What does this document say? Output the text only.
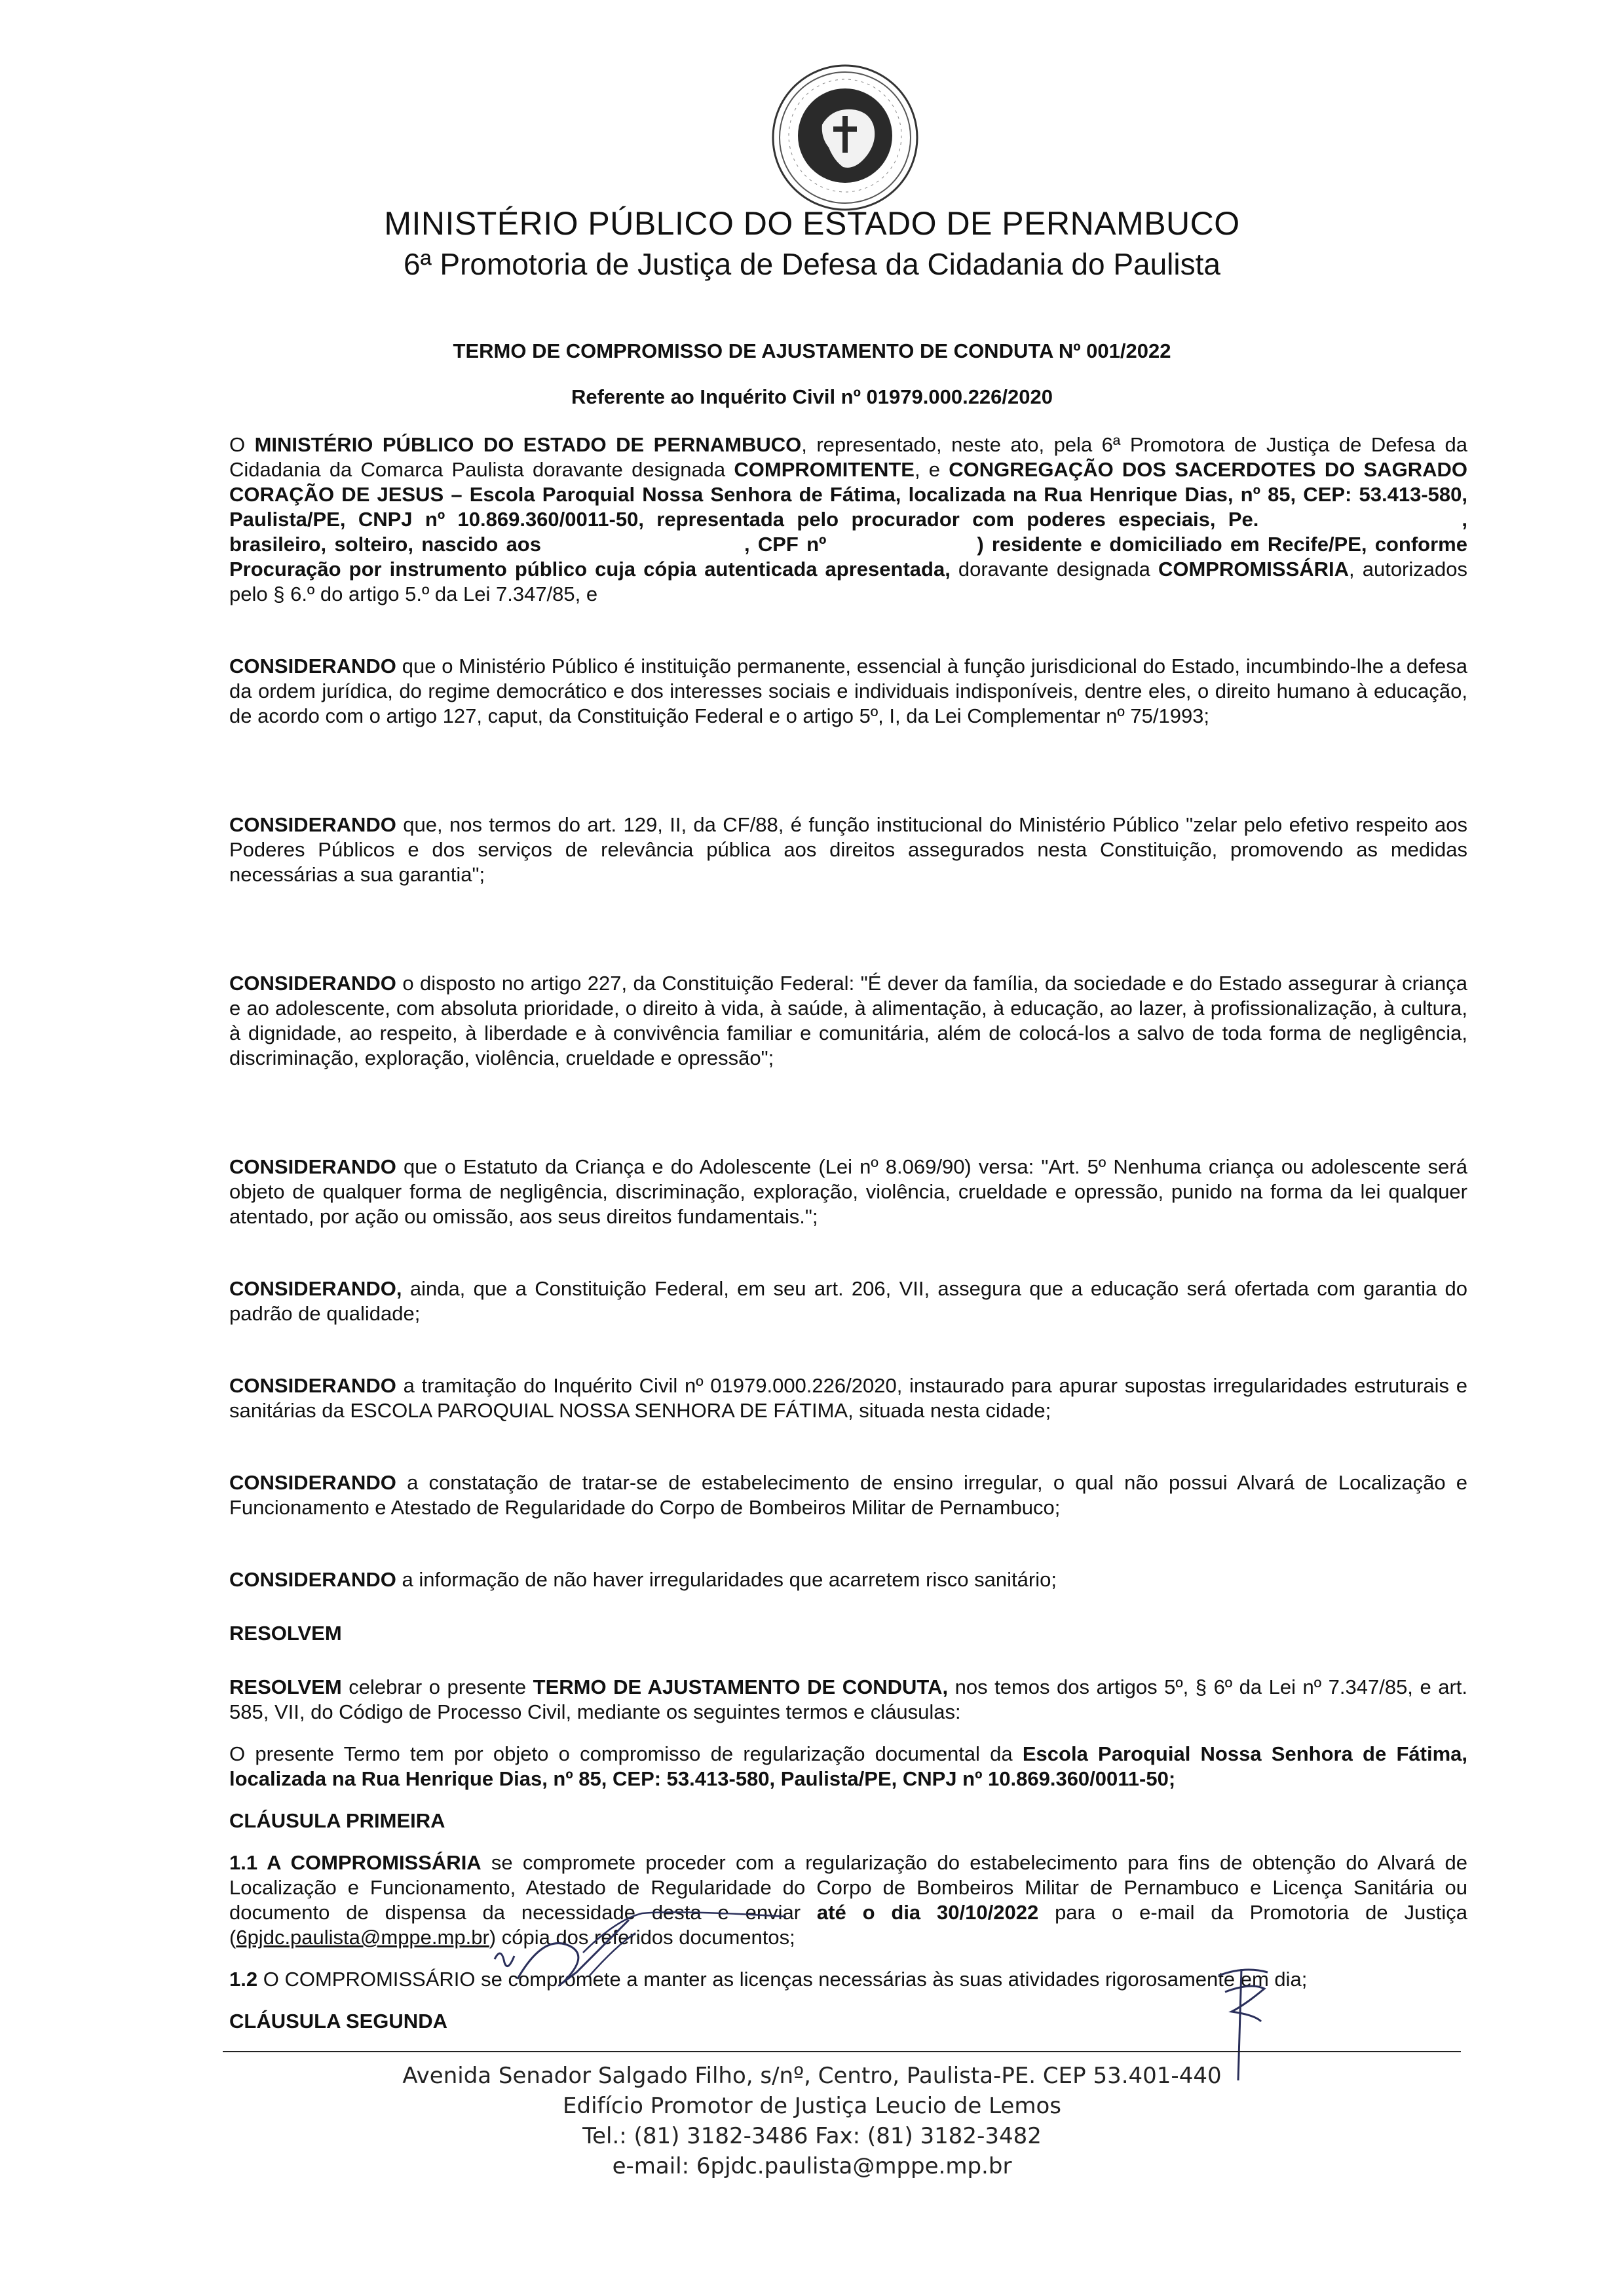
MINISTÉRIO PÚBLICO DO ESTADO DE PERNAMBUCO
6ª Promotoria de Justiça de Defesa da Cidadania do Paulista
TERMO DE COMPROMISSO DE AJUSTAMENTO DE CONDUTA Nº 001/2022
Referente ao Inquérito Civil nº 01979.000.226/2020

O MINISTÉRIO PÚBLICO DO ESTADO DE PERNAMBUCO, representado, neste ato, pela 6ª Promotora de Justiça de Defesa da Cidadania da Comarca Paulista doravante designada COMPROMITENTE, e CONGREGAÇÃO DOS SACERDOTES DO SAGRADO CORAÇÃO DE JESUS – Escola Paroquial Nossa Senhora de Fátima, localizada na Rua Henrique Dias, nº 85, CEP: 53.413-580, Paulista/PE, CNPJ nº 10.869.360/0011-50, representada pelo procurador com poderes especiais, Pe.	, brasileiro, solteiro, nascido aos	, CPF nº	) residente e domiciliado em Recife/PE, conforme Procuração por instrumento público cuja cópia autenticada apresentada, doravante designada COMPROMISSÁRIA, autorizados pelo § 6.º do artigo 5.º da Lei 7.347/85, e

CONSIDERANDO que o Ministério Público é instituição permanente, essencial à função jurisdicional do Estado, incumbindo-lhe a defesa da ordem jurídica, do regime democrático e dos interesses sociais e individuais indisponíveis, dentre eles, o direito humano à educação, de acordo com o artigo 127, caput, da Constituição Federal e o artigo 5º, I, da Lei Complementar nº 75/1993;

CONSIDERANDO que, nos termos do art. 129, II, da CF/88, é função institucional do Ministério Público "zelar pelo efetivo respeito aos Poderes Públicos e dos serviços de relevância pública aos direitos assegurados nesta Constituição, promovendo as medidas necessárias a sua garantia";

CONSIDERANDO o disposto no artigo 227, da Constituição Federal: "É dever da família, da sociedade e do Estado assegurar à criança e ao adolescente, com absoluta prioridade, o direito à vida, à saúde, à alimentação, à educação, ao lazer, à profissionalização, à cultura, à dignidade, ao respeito, à liberdade e à convivência familiar e comunitária, além de colocá-los a salvo de toda forma de negligência, discriminação, exploração, violência, crueldade e opressão";

CONSIDERANDO que o Estatuto da Criança e do Adolescente (Lei nº 8.069/90) versa: "Art. 5º Nenhuma criança ou adolescente será objeto de qualquer forma de negligência, discriminação, exploração, violência, crueldade e opressão, punido na forma da lei qualquer atentado, por ação ou omissão, aos seus direitos fundamentais.";

CONSIDERANDO, ainda, que a Constituição Federal, em seu art. 206, VII, assegura que a educação será ofertada com garantia do padrão de qualidade;

CONSIDERANDO a tramitação do Inquérito Civil nº 01979.000.226/2020, instaurado para apurar supostas irregularidades estruturais e sanitárias da ESCOLA PAROQUIAL NOSSA SENHORA DE FÁTIMA, situada nesta cidade;

CONSIDERANDO a constatação de tratar-se de estabelecimento de ensino irregular, o qual não possui Alvará de Localização e Funcionamento e Atestado de Regularidade do Corpo de Bombeiros Militar de Pernambuco;

CONSIDERANDO a informação de não haver irregularidades que acarretem risco sanitário;

RESOLVEM

RESOLVEM celebrar o presente TERMO DE AJUSTAMENTO DE CONDUTA, nos temos dos artigos 5º, § 6º da Lei nº 7.347/85, e art. 585, VII, do Código de Processo Civil, mediante os seguintes termos e cláusulas:

O presente Termo tem por objeto o compromisso de regularização documental da Escola Paroquial Nossa Senhora de Fátima, localizada na Rua Henrique Dias, nº 85, CEP: 53.413-580, Paulista/PE, CNPJ nº 10.869.360/0011-50;

CLÁUSULA PRIMEIRA

1.1 A COMPROMISSÁRIA se compromete proceder com a regularização do estabelecimento para fins de obtenção do Alvará de Localização e Funcionamento, Atestado de Regularidade do Corpo de Bombeiros Militar de Pernambuco e Licença Sanitária ou documento de dispensa da necessidade desta e enviar até o dia 30/10/2022 para o e-mail da Promotoria de Justiça (6pjdc.paulista@mppe.mp.br) cópia dos referidos documentos;

1.2 O COMPROMISSÁRIO se compromete a manter as licenças necessárias às suas atividades rigorosamente em dia;

CLÁUSULA SEGUNDA

Avenida Senador Salgado Filho, s/nº, Centro, Paulista-PE. CEP 53.401-440
Edifício Promotor de Justiça Leucio de Lemos
Tel.: (81) 3182-3486 Fax: (81) 3182-3482
e-mail: 6pjdc.paulista@mppe.mp.br
